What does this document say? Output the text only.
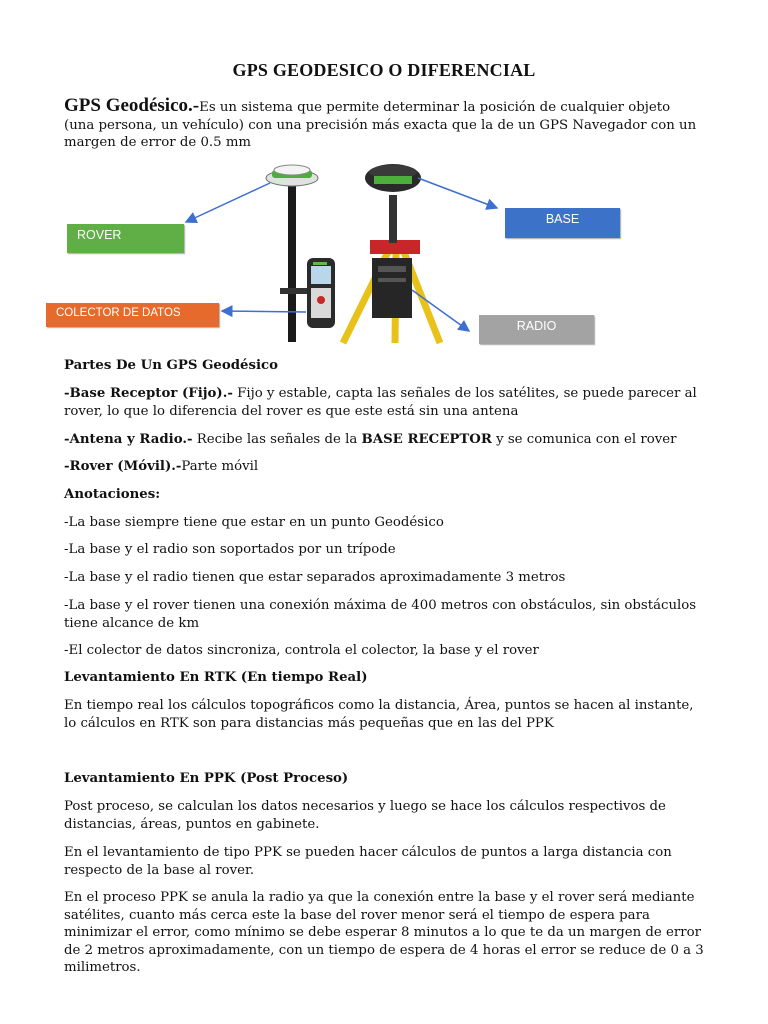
GPS GEODESICO O DIFERENCIAL
GPS Geodésico.-Es un sistema que permite determinar la posición de cualquier objeto
(una persona, un vehículo) con una precisión más exacta que la de un GPS Navegador con un
margen de error de 0.5 mm
ROVER
BASE
COLECTOR DE DATOS
RADIO
Partes De Un GPS Geodésico
-Base Receptor (Fijo).- Fijo y estable, capta las señales de los satélites, se puede parecer al
rover, lo que lo diferencia del rover es que este está sin una antena
-Antena y Radio.- Recibe las señales de la BASE RECEPTOR y se comunica con el rover
-Rover (Móvil).-Parte móvil
Anotaciones:
-La base siempre tiene que estar en un punto Geodésico
-La base y el radio son soportados por un trípode
-La base y el radio tienen que estar separados aproximadamente 3 metros
-La base y el rover tienen una conexión máxima de 400 metros con obstáculos, sin obstáculos
tiene alcance de km
-El colector de datos sincroniza, controla el colector, la base y el rover
Levantamiento En RTK (En tiempo Real)
En tiempo real los cálculos topográficos como la distancia, Área, puntos se hacen al instante,
lo cálculos en RTK son para distancias más pequeñas que en las del PPK
Levantamiento En PPK (Post Proceso)
Post proceso, se calculan los datos necesarios y luego se hace los cálculos respectivos de
distancias, áreas, puntos en gabinete.
En el levantamiento de tipo PPK se pueden hacer cálculos de puntos a larga distancia con
respecto de la base al rover.
En el proceso PPK se anula la radio ya que la conexión entre la base y el rover será mediante
satélites, cuanto más cerca este la base del rover menor será el tiempo de espera para
minimizar el error, como mínimo se debe esperar 8 minutos a lo que te da un margen de error
de 2 metros aproximadamente, con un tiempo de espera de 4 horas el error se reduce de 0 a 3
milimetros.
